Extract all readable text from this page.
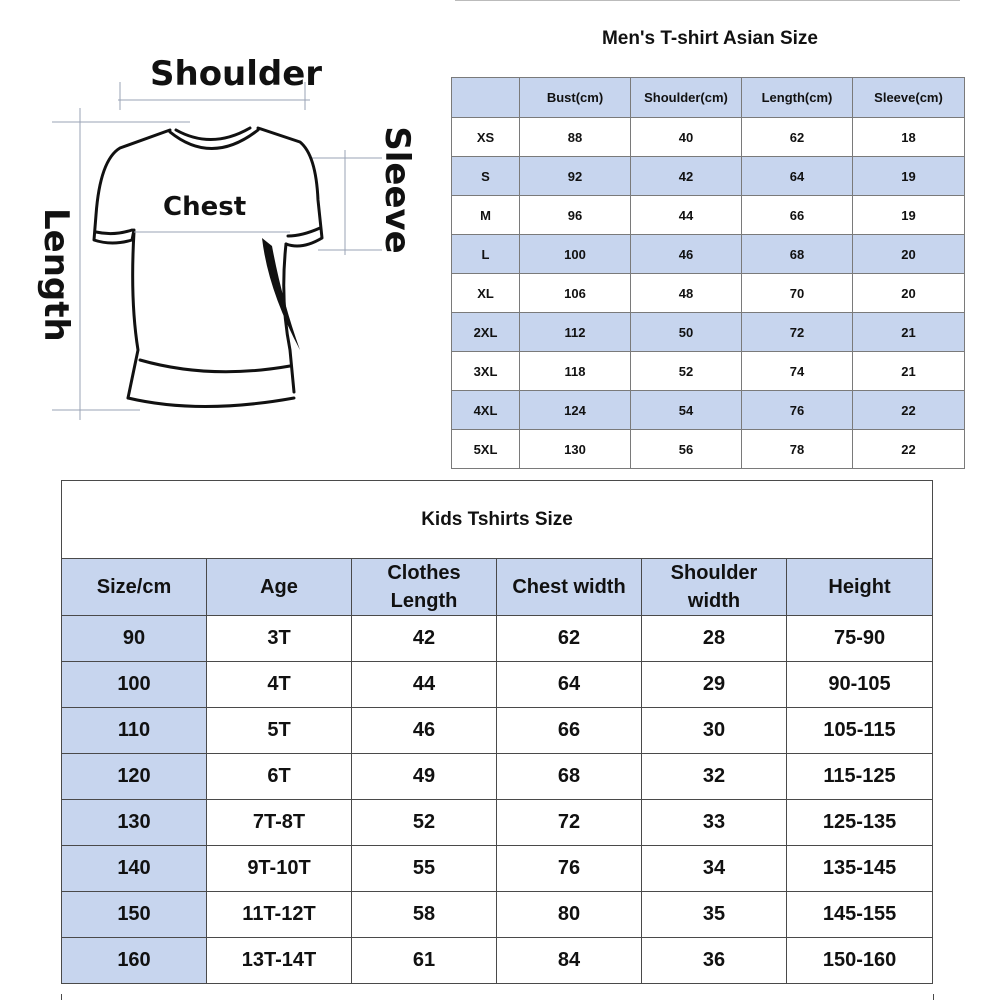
Shoulder
Chest
Length
Sleeve
Men's T-shirt Asian Size
	Bust(cm)	Shoulder(cm)	Length(cm)	Sleeve(cm)
XS	88	40	62	18
S	92	42	64	19
M	96	44	66	19
L	100	46	68	20
XL	106	48	70	20
2XL	112	50	72	21
3XL	118	52	74	21
4XL	124	54	76	22
5XL	130	56	78	22
Kids Tshirts Size					
Size/cm	Age	Clothes Length	Chest width	Shoulder width	Height
90	3T	42	62	28	75-90
100	4T	44	64	29	90-105
110	5T	46	66	30	105-115
120	6T	49	68	32	115-125
130	7T-8T	52	72	33	125-135
140	9T-10T	55	76	34	135-145
150	11T-12T	58	80	35	145-155
160	13T-14T	61	84	36	150-160
